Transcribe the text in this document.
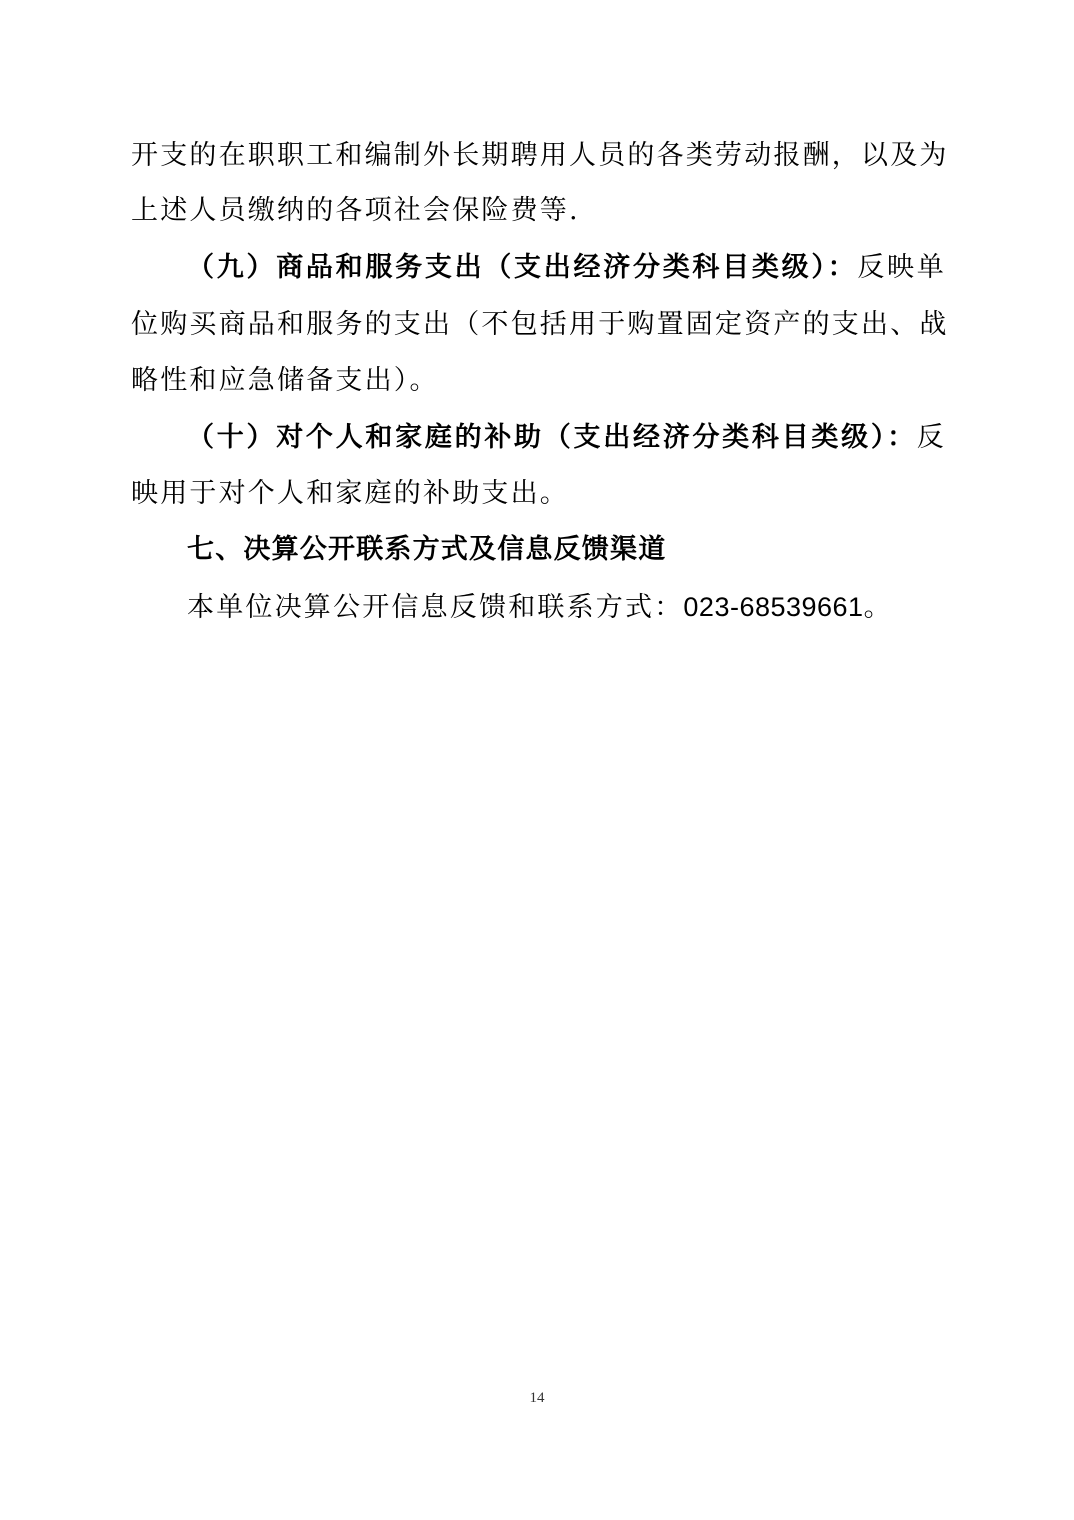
开支的在职职工和编制外长期聘用人员的各类劳动报酬，以及为
上述人员缴纳的各项社会保险费等.
（九）商品和服务支出（支出经济分类科目类级）：反映单
位购买商品和服务的支出（不包括用于购置固定资产的支出、战
略性和应急储备支出）。
（十）对个人和家庭的补助（支出经济分类科目类级）：反
映用于对个人和家庭的补助支出。
七、决算公开联系方式及信息反馈渠道
本单位决算公开信息反馈和联系方式：023-68539661。
14
